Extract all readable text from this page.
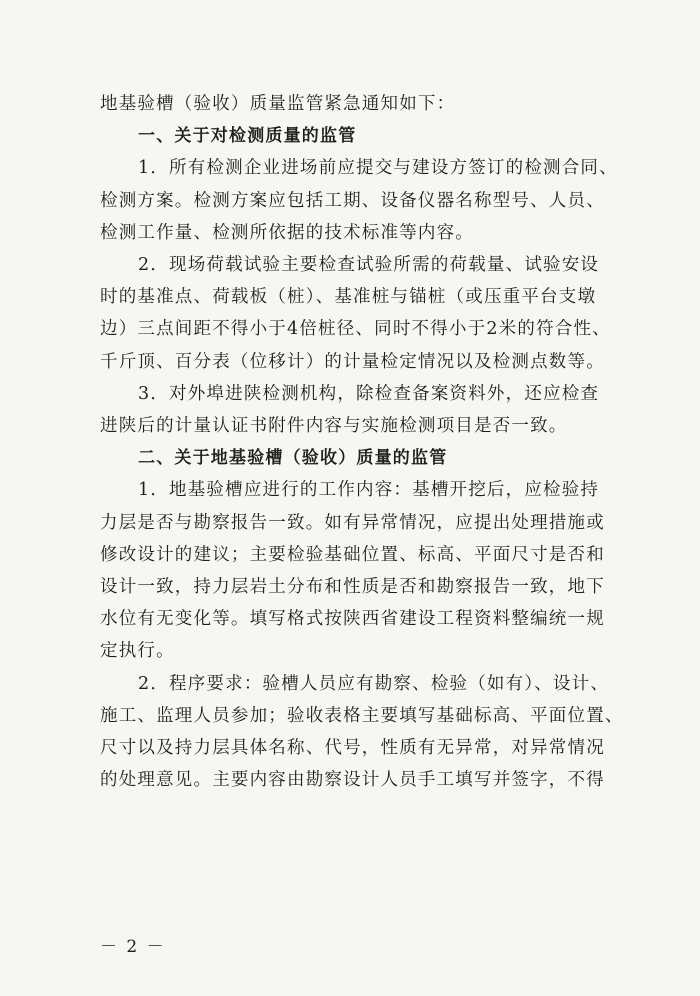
地基验槽（验收）质量监管紧急通知如下：
一、关于对检测质量的监管
1．所有检测企业进场前应提交与建设方签订的检测合同、
检测方案。检测方案应包括工期、设备仪器名称型号、人员、
检测工作量、检测所依据的技术标准等内容。
2．现场荷载试验主要检查试验所需的荷载量、试验安设
时的基准点、荷载板（桩）、基准桩与锚桩（或压重平台支墩
边）三点间距不得小于4倍桩径、同时不得小于2米的符合性、
千斤顶、百分表（位移计）的计量检定情况以及检测点数等。
3．对外埠进陕检测机构，除检查备案资料外，还应检查
进陕后的计量认证书附件内容与实施检测项目是否一致。
二、关于地基验槽（验收）质量的监管
1．地基验槽应进行的工作内容：基槽开挖后，应检验持
力层是否与勘察报告一致。如有异常情况，应提出处理措施或
修改设计的建议；主要检验基础位置、标高、平面尺寸是否和
设计一致，持力层岩土分布和性质是否和勘察报告一致，地下
水位有无变化等。填写格式按陕西省建设工程资料整编统一规
定执行。
2．程序要求：验槽人员应有勘察、检验（如有）、设计、
施工、监理人员参加；验收表格主要填写基础标高、平面位置、
尺寸以及持力层具体名称、代号，性质有无异常，对异常情况
的处理意见。主要内容由勘察设计人员手工填写并签字，不得
－ 2 －
